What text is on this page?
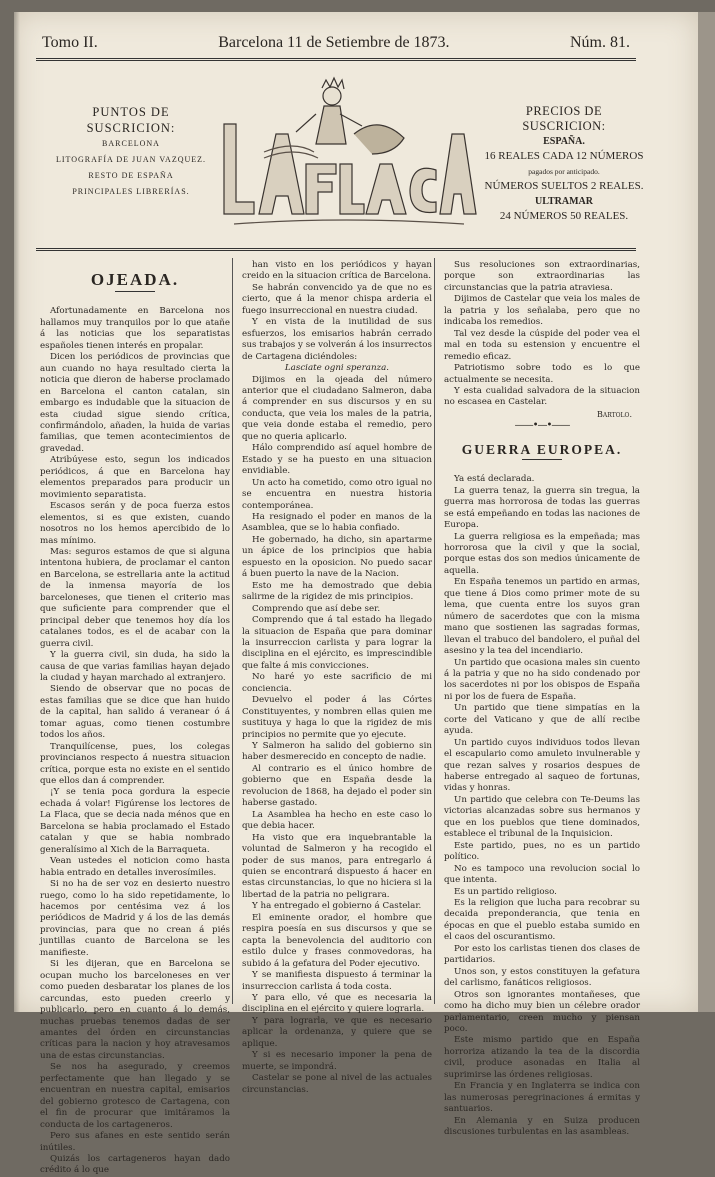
Tomo II.	Barcelona 11 de Setiembre de 1873.	Núm. 81.
PUNTOS DE SUSCRICION:
BARCELONA
LITOGRAFÍA DE JUAN VAZQUEZ.
RESTO DE ESPAÑA
PRINCIPALES LIBRERÍAS.
PRECIOS DE SUSCRICION:
ESPAÑA.
16 REALES CADA 12 NÚMEROS
pagados por anticipado.
NÚMEROS SUELTOS 2 REALES.
ULTRAMAR
24 NÚMEROS 50 REALES.
OJEADA.

Afortunadamente en Barcelona nos hallamos muy tranquilos por lo que atañe á las noticias que los separatistas españoles tienen interés en propalar.

Dicen los periódicos de provincias que aun cuando no haya resultado cierta la noticia que dieron de haberse proclamado en Barcelona el canton catalan, sin embargo es indudable que la situacion de esta ciudad sigue siendo crítica, confirmándolo, añaden, la huida de varias familias, que temen acontecimientos de gravedad.

Atribúyese esto, segun los indicados periódicos, á que en Barcelona hay elementos preparados para producir un movimiento separatista.

Escasos serán y de poca fuerza estos elementos, si es que existen, cuando nosotros no los hemos apercibido de lo mas mínimo.

Mas: seguros estamos de que si alguna intentona hubiera, de proclamar el canton en Barcelona, se estrellaria ante la actitud de la inmensa mayoría de los barceloneses, que tienen el criterio mas que suficiente para comprender que el principal deber que tenemos hoy día los catalanes todos, es el de acabar con la guerra civil.

Y la guerra civil, sin duda, ha sido la causa de que varias familias hayan dejado la ciudad y hayan marchado al extranjero.

Siendo de observar que no pocas de estas familias que se dice que han huido de la capital, han salido á veranear ó á tomar aguas, como tienen costumbre todos los años.

Tranquilícense, pues, los colegas provincianos respecto á nuestra situacion crítica, porque esta no existe en el sentido que ellos dan á comprender.

¡Y se tenia poca gordura la especie echada á volar! Figúrense los lectores de La Flaca, que se decia nada ménos que en Barcelona se habia proclamado el Estado catalan y que se habia nombrado generalísimo al Xich de la Barraqueta.

Vean ustedes el noticion como hasta habia entrado en detalles inverosímiles.

Si no ha de ser voz en desierto nuestro ruego, como lo ha sido repetidamente, lo hacemos por centésima vez á los periódicos de Madrid y á los de las demás provincias, para que no crean á piés juntillas cuanto de Barcelona se les manifieste.

Si les dijeran, que en Barcelona se ocupan mucho los barceloneses en ver como pueden desbaratar los planes de los carcundas, esto pueden creerlo y publicarlo, pero en cuanto á lo demás, muchas pruebas tenemos dadas de ser amantes del órden en circunstancias críticas para la nacion y hoy atravesamos una de estas circunstancias.

Se nos ha asegurado, y creemos perfectamente que han llegado y se encuentran en nuestra capital, emisarios del gobierno grotesco de Cartagena, con el fin de procurar que imitáramos la conducta de los cartageneros.

Pero sus afanes en este sentido serán inútiles.

Quizás los cartageneros hayan dado crédito á lo que

han visto en los periódicos y hayan creido en la situacion crítica de Barcelona.

Se habrán convencido ya de que no es cierto, que á la menor chispa arderia el fuego insurreccional en nuestra ciudad.

Y en vista de la inutilidad de sus esfuerzos, los emisarios habrán cerrado sus trabajos y se volverán á los insurrectos de Cartagena diciéndoles:

Lasciate ogni speranza.

Dijimos en la ojeada del número anterior que el ciudadano Salmeron, daba á comprender en sus discursos y en su conducta, que veia los males de la patria, que veia donde estaba el remedio, pero que no queria aplicarlo.

Hálo comprendido así aquel hombre de Estado y se ha puesto en una situacion envidiable.

Un acto ha cometido, como otro igual no se encuentra en nuestra historia contemporánea.

Ha resignado el poder en manos de la Asamblea, que se lo habia confiado.

He gobernado, ha dicho, sin apartarme un ápice de los principios que habia espuesto en la oposicion. No puedo sacar á buen puerto la nave de la Nacion.

Esto me ha demostrado que debia salirme de la rigidez de mis principios.

Comprendo que así debe ser.

Comprendo que á tal estado ha llegado la situacion de España que para dominar la insurreccion carlista y para lograr la disciplina en el ejército, es imprescindible que falte á mis convicciones.

No haré yo este sacrificio de mi conciencia.

Devuelvo el poder á las Córtes Constituyentes, y nombren ellas quien me sustituya y haga lo que la rigidez de mis principios no permite que yo ejecute.

Y Salmeron ha salido del gobierno sin haber desmerecido en concepto de nadie.

Al contrario es el único hombre de gobierno que en España desde la revolucion de 1868, ha dejado el poder sin haberse gastado.

La Asamblea ha hecho en este caso lo que debia hacer.

Ha visto que era inquebrantable la voluntad de Salmeron y ha recogido el poder de sus manos, para entregarlo á quien se encontrará dispuesto á hacer en estas circunstancias, lo que no hiciera si la libertad de la patria no peligrara.

Y ha entregado el gobierno á Castelar.

El eminente orador, el hombre que respira poesía en sus discursos y que se capta la benevolencia del auditorio con estilo dulce y frases conmovedoras, ha subido á la gefatura del Poder ejecutivo.

Y se manifiesta dispuesto á terminar la insurreccion carlista á toda costa.

Y para ello, vé que es necesaria la disciplina en el ejército y quiere lograrla.

Y para lograrla, ve que es necesario aplicar la ordenanza, y quiere que se aplique.

Y si es necesario imponer la pena de muerte, se impondrá.

Castelar se pone al nivel de las actuales circunstancias.

Sus resoluciones son extraordinarias, porque son extraordinarias las circunstancias que la patria atraviesa.

Dijimos de Castelar que veia los males de la patria y los señalaba, pero que no indicaba los remedios.

Tal vez desde la cúspide del poder vea el mal en toda su estension y encuentre el remedio eficaz.

Patriotismo sobre todo es lo que actualmente se necesita.

Y esta cualidad salvadora de la situacion no escasea en Castelar.

Bartolo.

——•—•——

GUERRA EUROPEA.

Ya está declarada.

La guerra tenaz, la guerra sin tregua, la guerra mas horrorosa de todas las guerras se está empeñando en todas las naciones de Europa.

La guerra religiosa es la empeñada; mas horrorosa que la civil y que la social, porque estas dos son medios únicamente de aquella.

En España tenemos un partido en armas, que tiene á Dios como primer mote de su lema, que cuenta entre los suyos gran número de sacerdotes que con la misma mano que sostienen las sagradas formas, llevan el trabuco del bandolero, el puñal del asesino y la tea del incendiario.

Un partido que ocasiona males sin cuento á la patria y que no ha sido condenado por los sacerdotes ni por los obispos de España ni por los de fuera de España.

Un partido que tiene simpatías en la corte del Vaticano y que de allí recibe ayuda.

Un partido cuyos individuos todos llevan el escapulario como amuleto invulnerable y que rezan salves y rosarios despues de haberse entregado al saqueo de fortunas, vidas y honras.

Un partido que celebra con Te-Deums las victorias alcanzadas sobre sus hermanos y que en los pueblos que tiene dominados, establece el tribunal de la Inquisicion.

Este partido, pues, no es un partido político.

No es tampoco una revolucion social lo que intenta.

Es un partido religioso.

Es la religion que lucha para recobrar su decaida preponderancia, que tenia en épocas en que el pueblo estaba sumido en el caos del oscurantismo.

Por esto los carlistas tienen dos clases de partidarios.

Unos son, y estos constituyen la gefatura del carlismo, fanáticos religiosos.

Otros son ignorantes montañeses, que como ha dicho muy bien un célebre orador parlamentario, creen mucho y piensan poco.

Este mismo partido que en España horroriza atizando la tea de la discordia civil, produce asonadas en Italia al suprimirse las órdenes religiosas.

En Francia y en Inglaterra se indica con las numerosas peregrinaciones á ermitas y santuarios.

En Alemania y en Suiza producen discusiones turbulentas en las asambleas.
